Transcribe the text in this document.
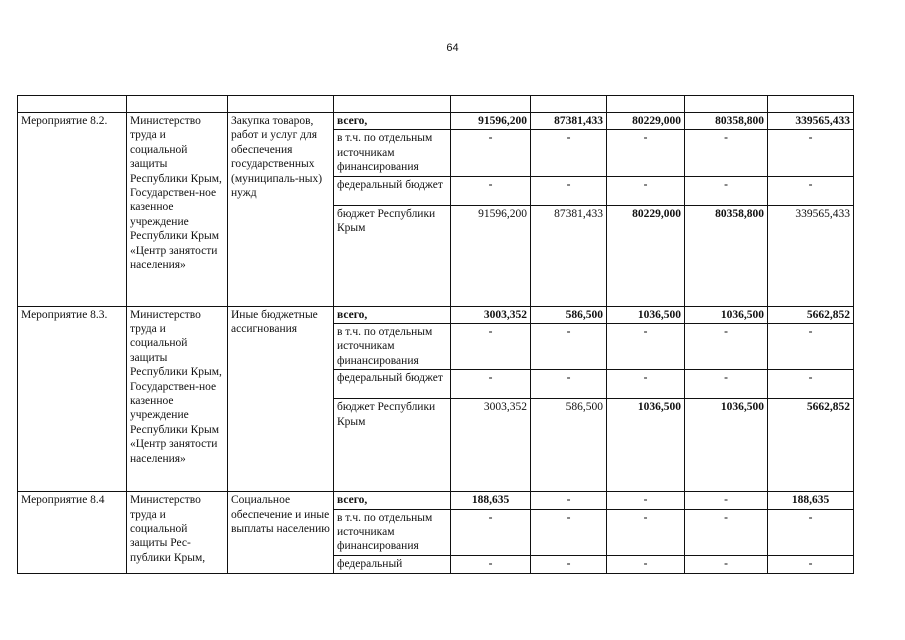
64

Мероприятие 8.2.	Министерство труда и социальной защиты Республики Крым, Государствен-ное казенное учреждение Республики Крым «Центр занятости населения»	Закупка товаров, работ и услуг для обеспечения государственных (муниципаль-ных) нужд	всего,	91596,200	87381,433	80229,000	80358,800	339565,433
			в т.ч. по отдельным источникам финансирования	-	-	-	-	-
			федеральный бюджет	-	-	-	-	-
			бюджет Республики Крым	91596,200	87381,433	80229,000	80358,800	339565,433
Мероприятие 8.3.	Министерство труда и социальной защиты Республики Крым, Государствен-ное казенное учреждение Республики Крым «Центр занятости населения»	Иные бюджетные ассигнования	всего,	3003,352	586,500	1036,500	1036,500	5662,852
			в т.ч. по отдельным источникам финансирования	-	-	-	-	-
			федеральный бюджет	-	-	-	-	-
			бюджет Республики Крым	3003,352	586,500	1036,500	1036,500	5662,852
Мероприятие 8.4	Министерство труда и социальной защиты Рес-публики Крым,	Социальное обеспечение и иные выплаты населению	всего,	188,635	-	-	-	188,635
			в т.ч. по отдельным источникам финансирования	-	-	-	-	-
			федеральный	-	-	-	-	-
